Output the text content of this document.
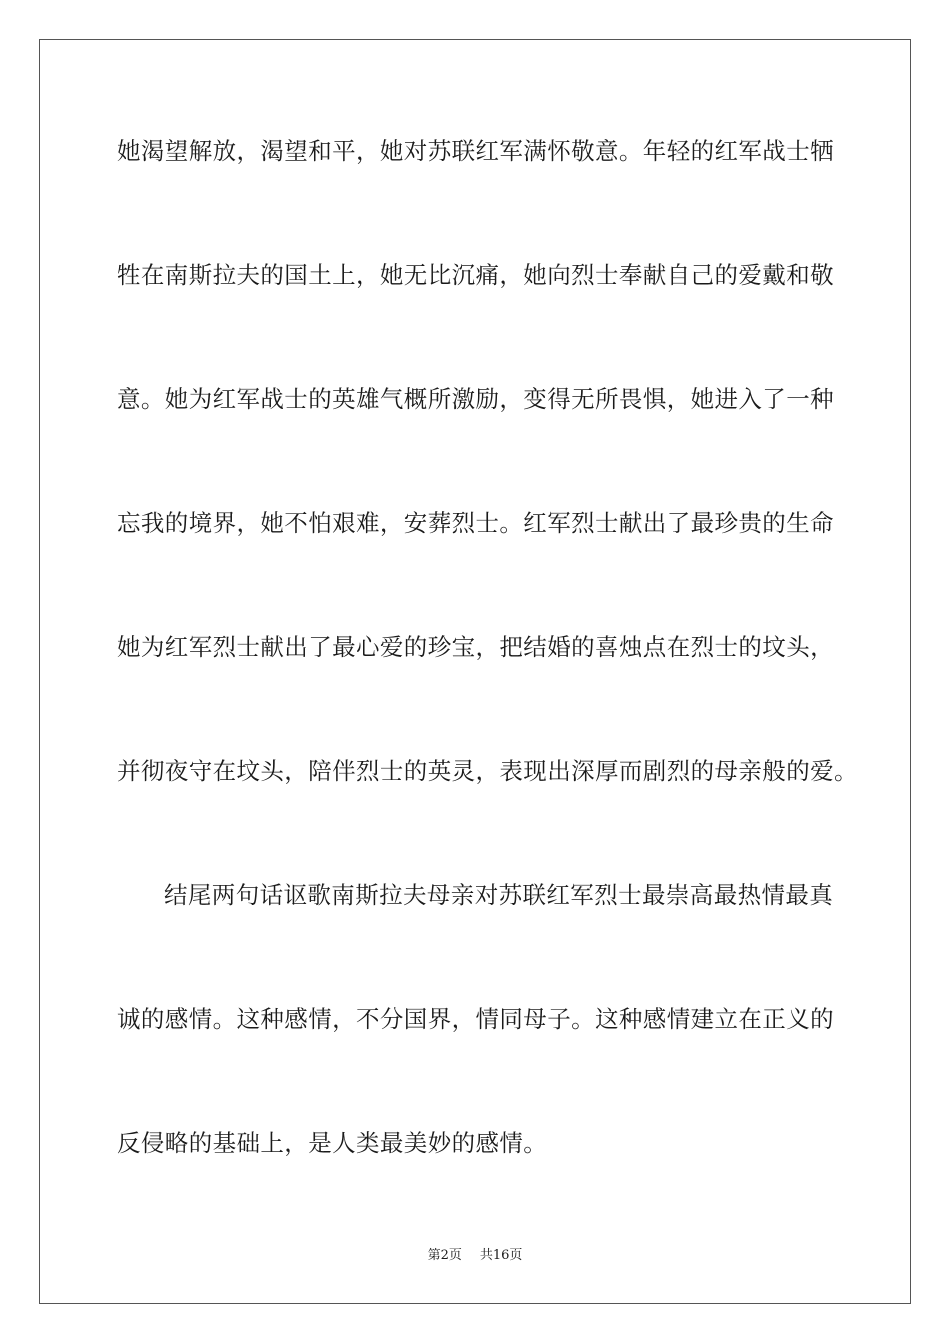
她渴望解放，渴望和平，她对苏联红军满怀敬意。年轻的红军战士牺
牲在南斯拉夫的国土上，她无比沉痛，她向烈士奉献自己的爱戴和敬
意。她为红军战士的英雄气概所激励，变得无所畏惧，她进入了一种
忘我的境界，她不怕艰难，安葬烈士。红军烈士献出了最珍贵的生命
她为红军烈士献出了最心爱的珍宝，把结婚的喜烛点在烈士的坟头，
并彻夜守在坟头，陪伴烈士的英灵，表现出深厚而剧烈的母亲般的爱。
结尾两句话讴歌南斯拉夫母亲对苏联红军烈士最崇高最热情最真
诚的感情。这种感情，不分国界，情同母子。这种感情建立在正义的
反侵略的基础上，是人类最美妙的感情。
第2页 共16页
